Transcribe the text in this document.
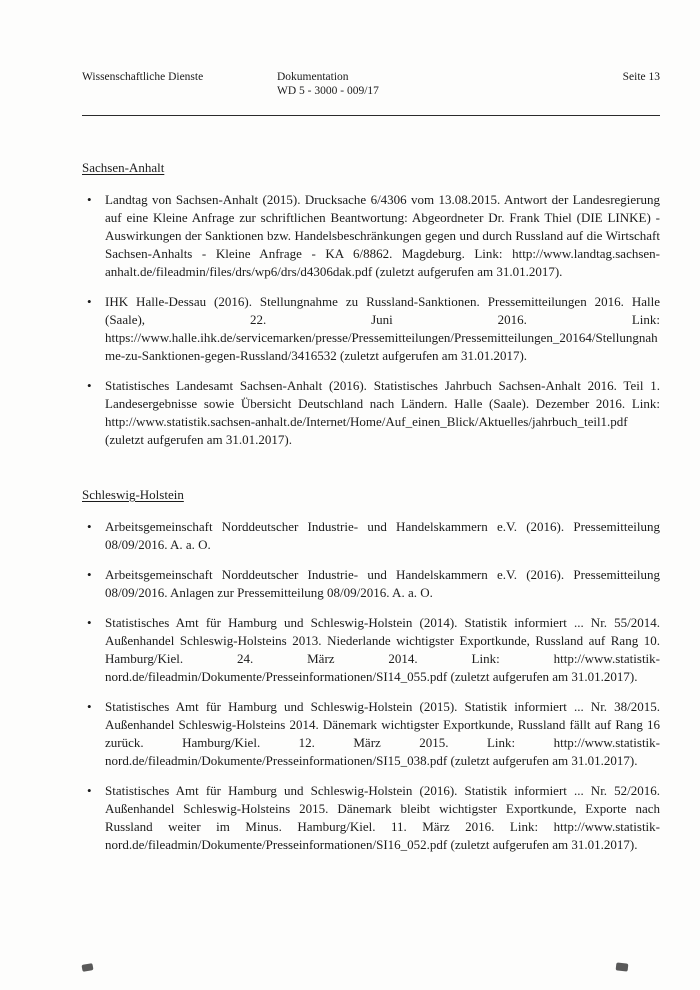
Wissenschaftliche Dienste	Dokumentation
WD 5 - 3000 - 009/17
Seite 13
Sachsen-Anhalt
•
Landtag von Sachsen-Anhalt (2015). Drucksache 6/4306 vom 13.08.2015. Antwort der Landesregierung auf eine Kleine Anfrage zur schriftlichen Beantwortung: Abgeordneter Dr. Frank Thiel (DIE LINKE) - Auswirkungen der Sanktionen bzw. Handelsbeschränkungen gegen und durch Russland auf die Wirtschaft Sachsen-Anhalts - Kleine Anfrage - KA 6/8862. Magdeburg. Link: http://www.landtag.sachsen-anhalt.de/fileadmin/files/drs/wp6/drs/d4306dak.pdf (zuletzt aufgerufen am 31.01.2017).
•
IHK Halle-Dessau (2016). Stellungnahme zu Russland-Sanktionen. Pressemitteilungen 2016. Halle (Saale), 22. Juni 2016. Link: https://www.halle.ihk.de/servicemarken/presse/Pressemitteilungen/Pressemitteilungen_20164/Stellungnahme-zu-Sanktionen-gegen-Russland/3416532 (zuletzt aufgerufen am 31.01.2017).
•
Statistisches Landesamt Sachsen-Anhalt (2016). Statistisches Jahrbuch Sachsen-Anhalt 2016. Teil 1. Landesergebnisse sowie Übersicht Deutschland nach Ländern. Halle (Saale). Dezember 2016. Link: http://www.statistik.sachsen-anhalt.de/Internet/Home/Auf_einen_Blick/Aktuelles/jahrbuch_teil1.pdf (zuletzt aufgerufen am 31.01.2017).
Schleswig-Holstein
•
Arbeitsgemeinschaft Norddeutscher Industrie- und Handelskammern e.V. (2016). Pressemitteilung 08/09/2016. A. a. O.
•
Arbeitsgemeinschaft Norddeutscher Industrie- und Handelskammern e.V. (2016). Pressemitteilung 08/09/2016. Anlagen zur Pressemitteilung 08/09/2016. A. a. O.
•
Statistisches Amt für Hamburg und Schleswig-Holstein (2014). Statistik informiert ... Nr. 55/2014. Außenhandel Schleswig-Holsteins 2013. Niederlande wichtigster Exportkunde, Russland auf Rang 10. Hamburg/Kiel. 24. März 2014. Link: http://www.statistik-nord.de/fileadmin/Dokumente/Presseinformationen/SI14_055.pdf (zuletzt aufgerufen am 31.01.2017).
•
Statistisches Amt für Hamburg und Schleswig-Holstein (2015). Statistik informiert ... Nr. 38/2015. Außenhandel Schleswig-Holsteins 2014. Dänemark wichtigster Exportkunde, Russland fällt auf Rang 16 zurück. Hamburg/Kiel. 12. März 2015. Link: http://www.statistik-nord.de/fileadmin/Dokumente/Presseinformationen/SI15_038.pdf (zuletzt aufgerufen am 31.01.2017).
•
Statistisches Amt für Hamburg und Schleswig-Holstein (2016). Statistik informiert ... Nr. 52/2016. Außenhandel Schleswig-Holsteins 2015. Dänemark bleibt wichtigster Exportkunde, Exporte nach Russland weiter im Minus. Hamburg/Kiel. 11. März 2016. Link: http://www.statistik-nord.de/fileadmin/Dokumente/Presseinformationen/SI16_052.pdf (zuletzt aufgerufen am 31.01.2017).
